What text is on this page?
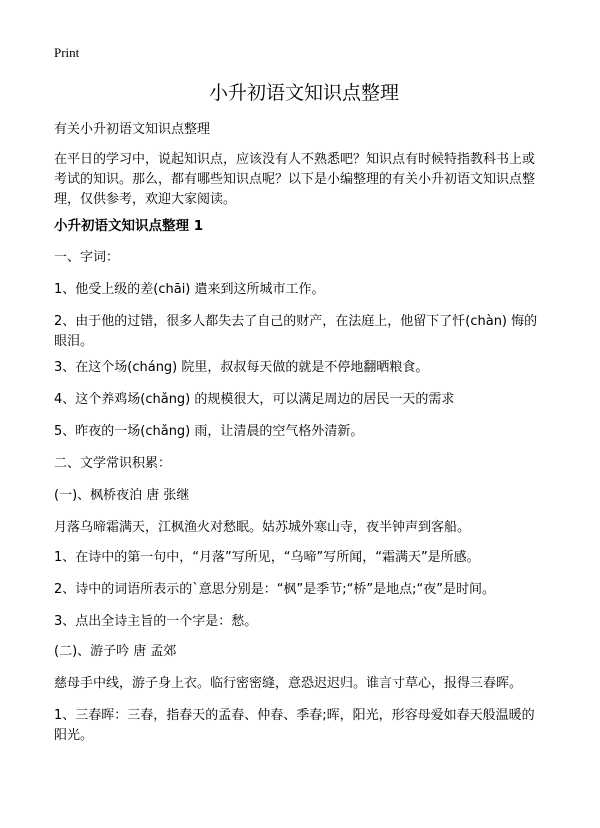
Print
小升初语文知识点整理
有关小升初语文知识点整理
在平日的学习中，说起知识点，应该没有人不熟悉吧？知识点有时候特指教科书上或考试的知识。那么，都有哪些知识点呢？以下是小编整理的有关小升初语文知识点整理，仅供参考，欢迎大家阅读。
小升初语文知识点整理 1
一、字词：
1、他受上级的差(chāi) 遣来到这所城市工作。
2、由于他的过错，很多人都失去了自己的财产，在法庭上，他留下了忏(chàn) 悔的眼泪。
3、在这个场(cháng) 院里，叔叔每天做的就是不停地翻晒粮食。
4、这个养鸡场(chǎng) 的规模很大，可以满足周边的居民一天的需求
5、昨夜的一场(chǎng) 雨，让清晨的空气格外清新。
二、文学常识积累：
(一)、枫桥夜泊 唐 张继
月落乌啼霜满天，江枫渔火对愁眠。姑苏城外寒山寺，夜半钟声到客船。
1、在诗中的第一句中，“月落”写所见，“乌啼”写所闻，“霜满天”是所感。
2、诗中的词语所表示的`意思分别是：“枫”是季节;“桥”是地点;“夜”是时间。
3、点出全诗主旨的一个字是：愁。
(二)、游子吟 唐 孟郊
慈母手中线，游子身上衣。临行密密缝，意恐迟迟归。谁言寸草心，报得三春晖。
1、三春晖：三春，指春天的孟春、仲春、季春;晖，阳光，形容母爱如春天般温暖的阳光。
